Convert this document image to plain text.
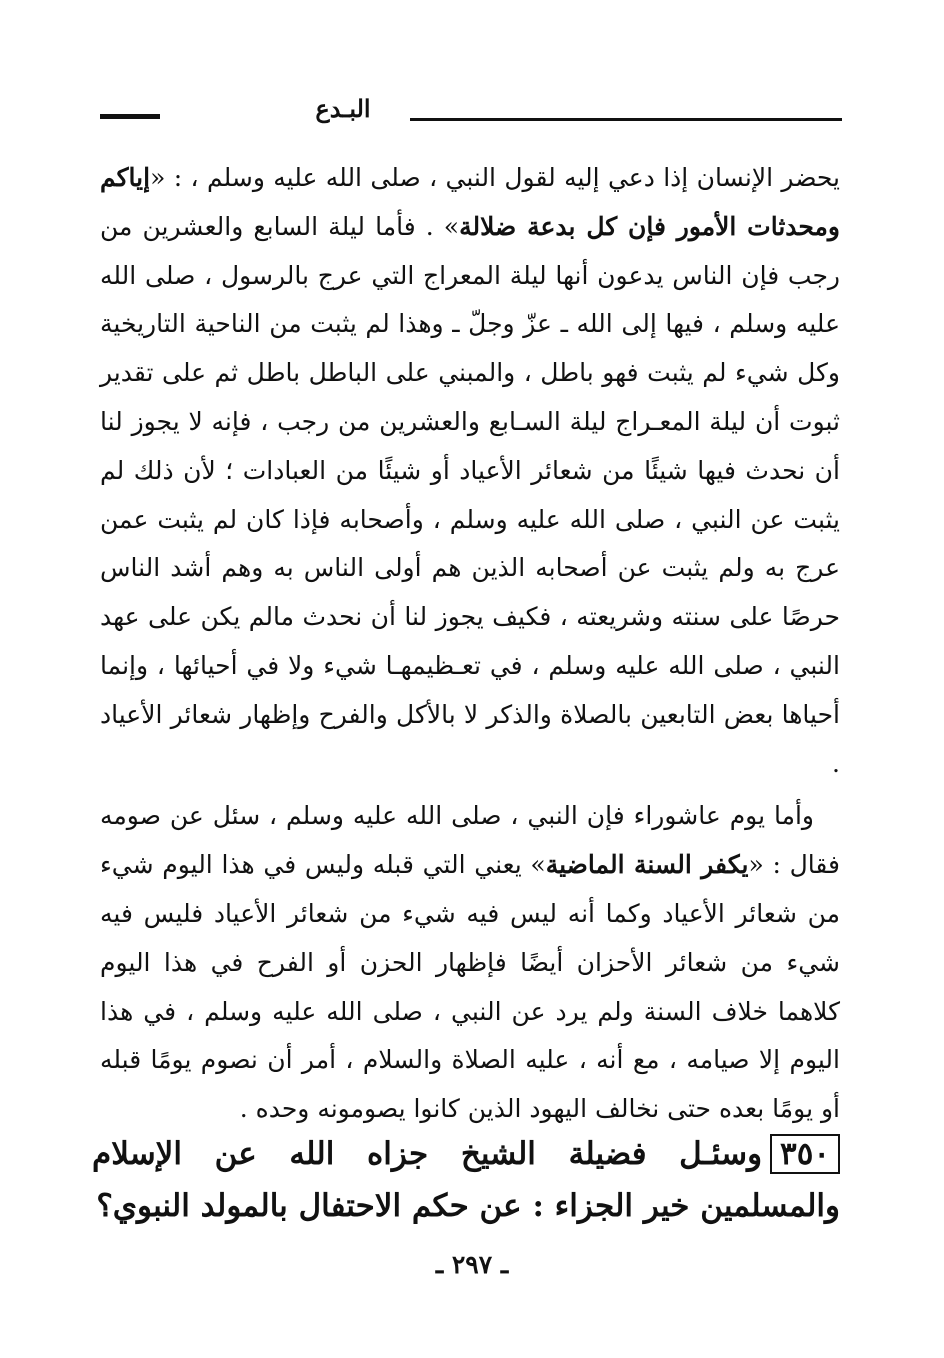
البـدع

يحضر الإنسان إذا دعي إليه لقول النبي ، صلى الله عليه وسلم ، : «إياكم ومحدثات الأمور فإن كل بدعة ضلالة» . فأما ليلة السابع والعشرين من رجب فإن الناس يدعون أنها ليلة المعراج التي عرج بالرسول ، صلى الله عليه وسلم ، فيها إلى الله ـ عزّ وجلّ ـ وهذا لم يثبت من الناحية التاريخية وكل شيء لم يثبت فهو باطل ، والمبني على الباطل باطل ثم على تقدير ثبوت أن ليلة المعـراج ليلة السـابع والعشرين من رجب ، فإنه لا يجوز لنا أن نحدث فيها شيئًا من شعائر الأعياد أو شيئًا من العبادات ؛ لأن ذلك لم يثبت عن النبي ، صلى الله عليه وسلم ، وأصحابه فإذا كان لم يثبت عمن عرج به ولم يثبت عن أصحابه الذين هم أولى الناس به وهم أشد الناس حرصًا على سنته وشريعته ، فكيف يجوز لنا أن نحدث مالم يكن على عهد النبي ، صلى الله عليه وسلم ، في تعـظيمهـا شيء ولا في أحيائها ، وإنما أحياها بعض التابعين بالصلاة والذكر لا بالأكل والفرح وإظهار شعائر الأعياد .

وأما يوم عاشوراء فإن النبي ، صلى الله عليه وسلم ، سئل عن صومه فقال : «يكفر السنة الماضية» يعني التي قبله وليس في هذا اليوم شيء من شعائر الأعياد وكما أنه ليس فيه شيء من شعائر الأعياد فليس فيه شيء من شعائر الأحزان أيضًا فإظهار الحزن أو الفرح في هذا اليوم كلاهما خلاف السنة ولم يرد عن النبي ، صلى الله عليه وسلم ، في هذا اليوم إلا صيامه ، مع أنه ، عليه الصلاة والسلام ، أمر أن نصوم يومًا قبله أو يومًا بعده حتى نخالف اليهود الذين كانوا يصومونه وحده .

٣٥٠وسئـل فضيلة الشيخ جزاه الله عن الإسلام والمسلمين خير الجزاء : عن حكم الاحتفال بالمولد النبوي؟
ـ ٢٩٧ ـ
